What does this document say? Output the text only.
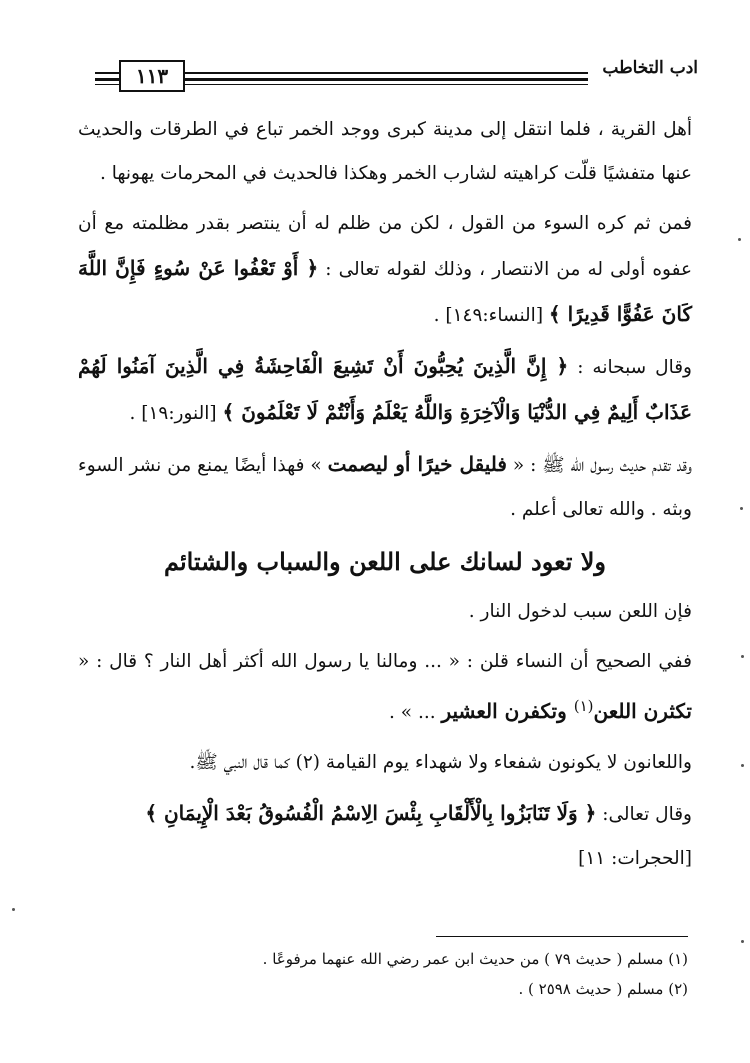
١١٣	ادب التخاطب

أهل القرية ، فلما انتقل إلى مدينة كبرى ووجد الخمر تباع في الطرقات والحديث عنها متفشيًا قلّت كراهيته لشارب الخمر وهكذا فالحديث في المحرمات يهونها .

فمن ثم كره السوء من القول ، لكن من ظلم له أن ينتصر بقدر مظلمته مع أن عفوه أولى له من الانتصار ، وذلك لقوله تعالى : ﴿ أَوْ تَعْفُوا عَنْ سُوءٍ فَإِنَّ اللَّهَ كَانَ عَفُوًّا قَدِيرًا ﴾ [النساء:١٤٩] .

وقال سبحانه : ﴿ إِنَّ الَّذِينَ يُحِبُّونَ أَنْ تَشِيعَ الْفَاحِشَةُ فِي الَّذِينَ آمَنُوا لَهُمْ عَذَابٌ أَلِيمٌ فِي الدُّنْيَا وَالْآخِرَةِ وَاللَّهُ يَعْلَمُ وَأَنْتُمْ لَا تَعْلَمُونَ ﴾ [النور:١٩] .

وقد تقدم حديث رسول الله ﷺ : « فليقل خيرًا أو ليصمت » فهذا أيضًا يمنع من نشر السوء وبثه . والله تعالى أعلم .

ولا تعود لسانك على اللعن والسباب والشتائم

فإن اللعن سبب لدخول النار .

ففي الصحيح أن النساء قلن : « ... ومالنا يا رسول الله أكثر أهل النار ؟ قال : « تكثرن اللعن$^{(١)}$ وتكفرن العشير ... » .

واللعانون لا يكونون شفعاء ولا شهداء يوم القيامة (٢) كما قال النبي ﷺ.

وقال تعالى: ﴿ وَلَا تَنَابَزُوا بِالْأَلْقَابِ بِئْسَ الِاسْمُ الْفُسُوقُ بَعْدَ الْإِيمَانِ ﴾
[الحجرات: ١١]

(١) مسلم ( حديث ٧٩ ) من حديث ابن عمر رضي الله عنهما مرفوعًا .
(٢) مسلم ( حديث ٢٥٩٨ ) .
